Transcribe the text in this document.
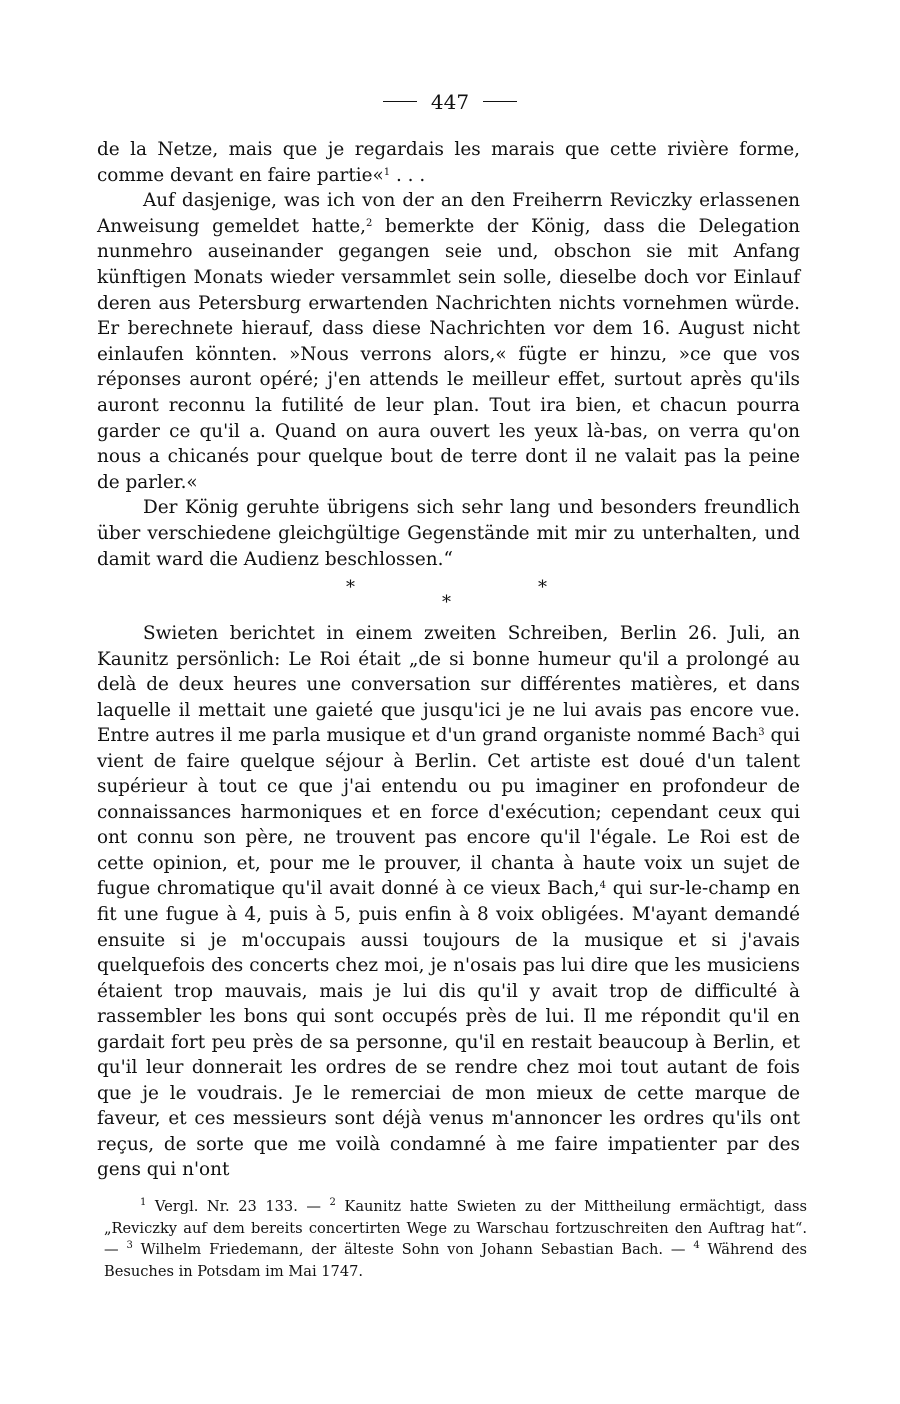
447

de la Netze, mais que je regardais les marais que cette rivière forme, comme devant en faire partie«$^1$ . . .

Auf dasjenige, was ich von der an den Freiherrn Reviczky erlassenen Anweisung gemeldet hatte,$^2$ bemerkte der König, dass die Delegation nunmehro auseinander gegangen seie und, obschon sie mit Anfang künftigen Monats wieder versammlet sein solle, dieselbe doch vor Einlauf deren aus Petersburg erwartenden Nachrichten nichts vornehmen würde. Er berechnete hierauf, dass diese Nachrichten vor dem 16. August nicht einlaufen könnten. »Nous verrons alors,« fügte er hinzu, »ce que vos réponses auront opéré; j'en attends le meilleur effet, surtout après qu'ils auront reconnu la futilité de leur plan. Tout ira bien, et chacun pourra garder ce qu'il a. Quand on aura ouvert les yeux là-bas, on verra qu'on nous a chicanés pour quelque bout de terre dont il ne valait pas la peine de parler.«

Der König geruhte übrigens sich sehr lang und besonders freundlich über verschiedene gleichgültige Gegenstände mit mir zu unterhalten, und damit ward die Audienz beschlossen.“

*	*
*

Swieten berichtet in einem zweiten Schreiben, Berlin 26. Juli, an Kaunitz persönlich: Le Roi était „de si bonne humeur qu'il a prolongé au delà de deux heures une conversation sur différentes matières, et dans laquelle il mettait une gaieté que jusqu'ici je ne lui avais pas encore vue. Entre autres il me parla musique et d'un grand organiste nommé Bach$^3$ qui vient de faire quelque séjour à Berlin. Cet artiste est doué d'un talent supérieur à tout ce que j'ai entendu ou pu imaginer en profondeur de connaissances harmoniques et en force d'exécution; cependant ceux qui ont connu son père, ne trouvent pas encore qu'il l'égale. Le Roi est de cette opinion, et, pour me le prouver, il chanta à haute voix un sujet de fugue chromatique qu'il avait donné à ce vieux Bach,$^4$ qui sur-le-champ en fit une fugue à 4, puis à 5, puis enfin à 8 voix obligées. M'ayant demandé ensuite si je m'occupais aussi toujours de la musique et si j'avais quelquefois des concerts chez moi, je n'osais pas lui dire que les musiciens étaient trop mauvais, mais je lui dis qu'il y avait trop de difficulté à rassembler les bons qui sont occupés près de lui. Il me répondit qu'il en gardait fort peu près de sa personne, qu'il en restait beaucoup à Berlin, et qu'il leur donnerait les ordres de se rendre chez moi tout autant de fois que je le voudrais. Je le remerciai de mon mieux de cette marque de faveur, et ces messieurs sont déjà venus m'annoncer les ordres qu'ils ont reçus, de sorte que me voilà condamné à me faire impatienter par des gens qui n'ont

$^1$ Vergl. Nr. 23 133. — $^2$ Kaunitz hatte Swieten zu der Mittheilung ermächtigt, dass „Reviczky auf dem bereits concertirten Wege zu Warschau fortzuschreiten den Auftrag hat“. — $^3$ Wilhelm Friedemann, der älteste Sohn von Johann Sebastian Bach. — $^4$ Während des Besuches in Potsdam im Mai 1747.
